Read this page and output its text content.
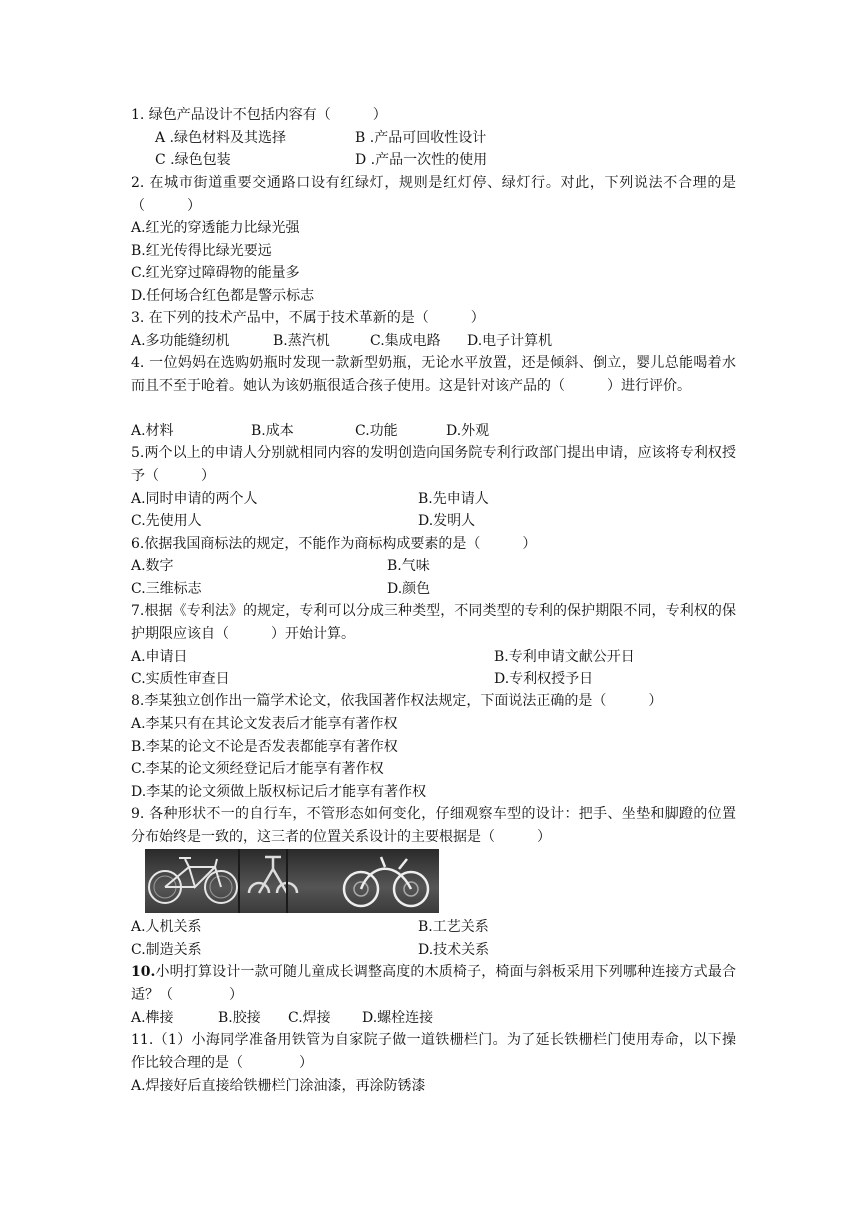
1. 绿色产品设计不包括内容有（　　　）
A .绿色材料及其选择	B .产品可回收性设计
C .绿色包装	D .产品一次性的使用
2. 在城市街道重要交通路口设有红绿灯，规则是红灯停、绿灯行。对此，下列说法不合理的是（　　　）
A.红光的穿透能力比绿光强
B.红光传得比绿光要远
C.红光穿过障碍物的能量多
D.任何场合红色都是警示标志
3. 在下列的技术产品中，不属于技术革新的是（　　　）
A.多功能缝纫机	B.蒸汽机	C.集成电路 D.电子计算机
4. 一位妈妈在选购奶瓶时发现一款新型奶瓶，无论水平放置，还是倾斜、倒立，婴儿总能喝着水而且不至于呛着。她认为该奶瓶很适合孩子使用。这是针对该产品的（　　　）进行评价。
A.材料	B.成本	C.功能	D.外观
5.两个以上的申请人分别就相同内容的发明创造向国务院专利行政部门提出申请，应该将专利权授予（　　　）
A.同时申请的两个人	B.先申请人
C.先使用人	D.发明人
6.依据我国商标法的规定，不能作为商标构成要素的是（　　　）
A.数字	B.气味
C.三维标志	D.颜色
7.根据《专利法》的规定，专利可以分成三种类型，不同类型的专利的保护期限不同，专利权的保护期限应该自（　　　）开始计算。
A.申请日	B.专利申请文献公开日
C.实质性审查日	D.专利权授予日
8.李某独立创作出一篇学术论文，依我国著作权法规定，下面说法正确的是（　　　）
A.李某只有在其论文发表后才能享有著作权
B.李某的论文不论是否发表都能享有著作权
C.李某的论文须经登记后才能享有著作权
D.李某的论文须做上版权标记后才能享有著作权
9. 各种形状不一的自行车，不管形态如何变化，仔细观察车型的设计：把手、坐垫和脚蹬的位置分布始终是一致的，这三者的位置关系设计的主要根据是（　　　）
A.人机关系	B.工艺关系
C.制造关系	D.技术关系
10.小明打算设计一款可随儿童成长调整高度的木质椅子，椅面与斜板采用下列哪种连接方式最合适？（　　　　）
A.榫接	B.胶接 C.焊接 D.螺栓连接
11.（1）小海同学准备用铁管为自家院子做一道铁栅栏门。为了延长铁栅栏门使用寿命，以下操作比较合理的是（　　　　）
A.焊接好后直接给铁栅栏门涂油漆，再涂防锈漆
